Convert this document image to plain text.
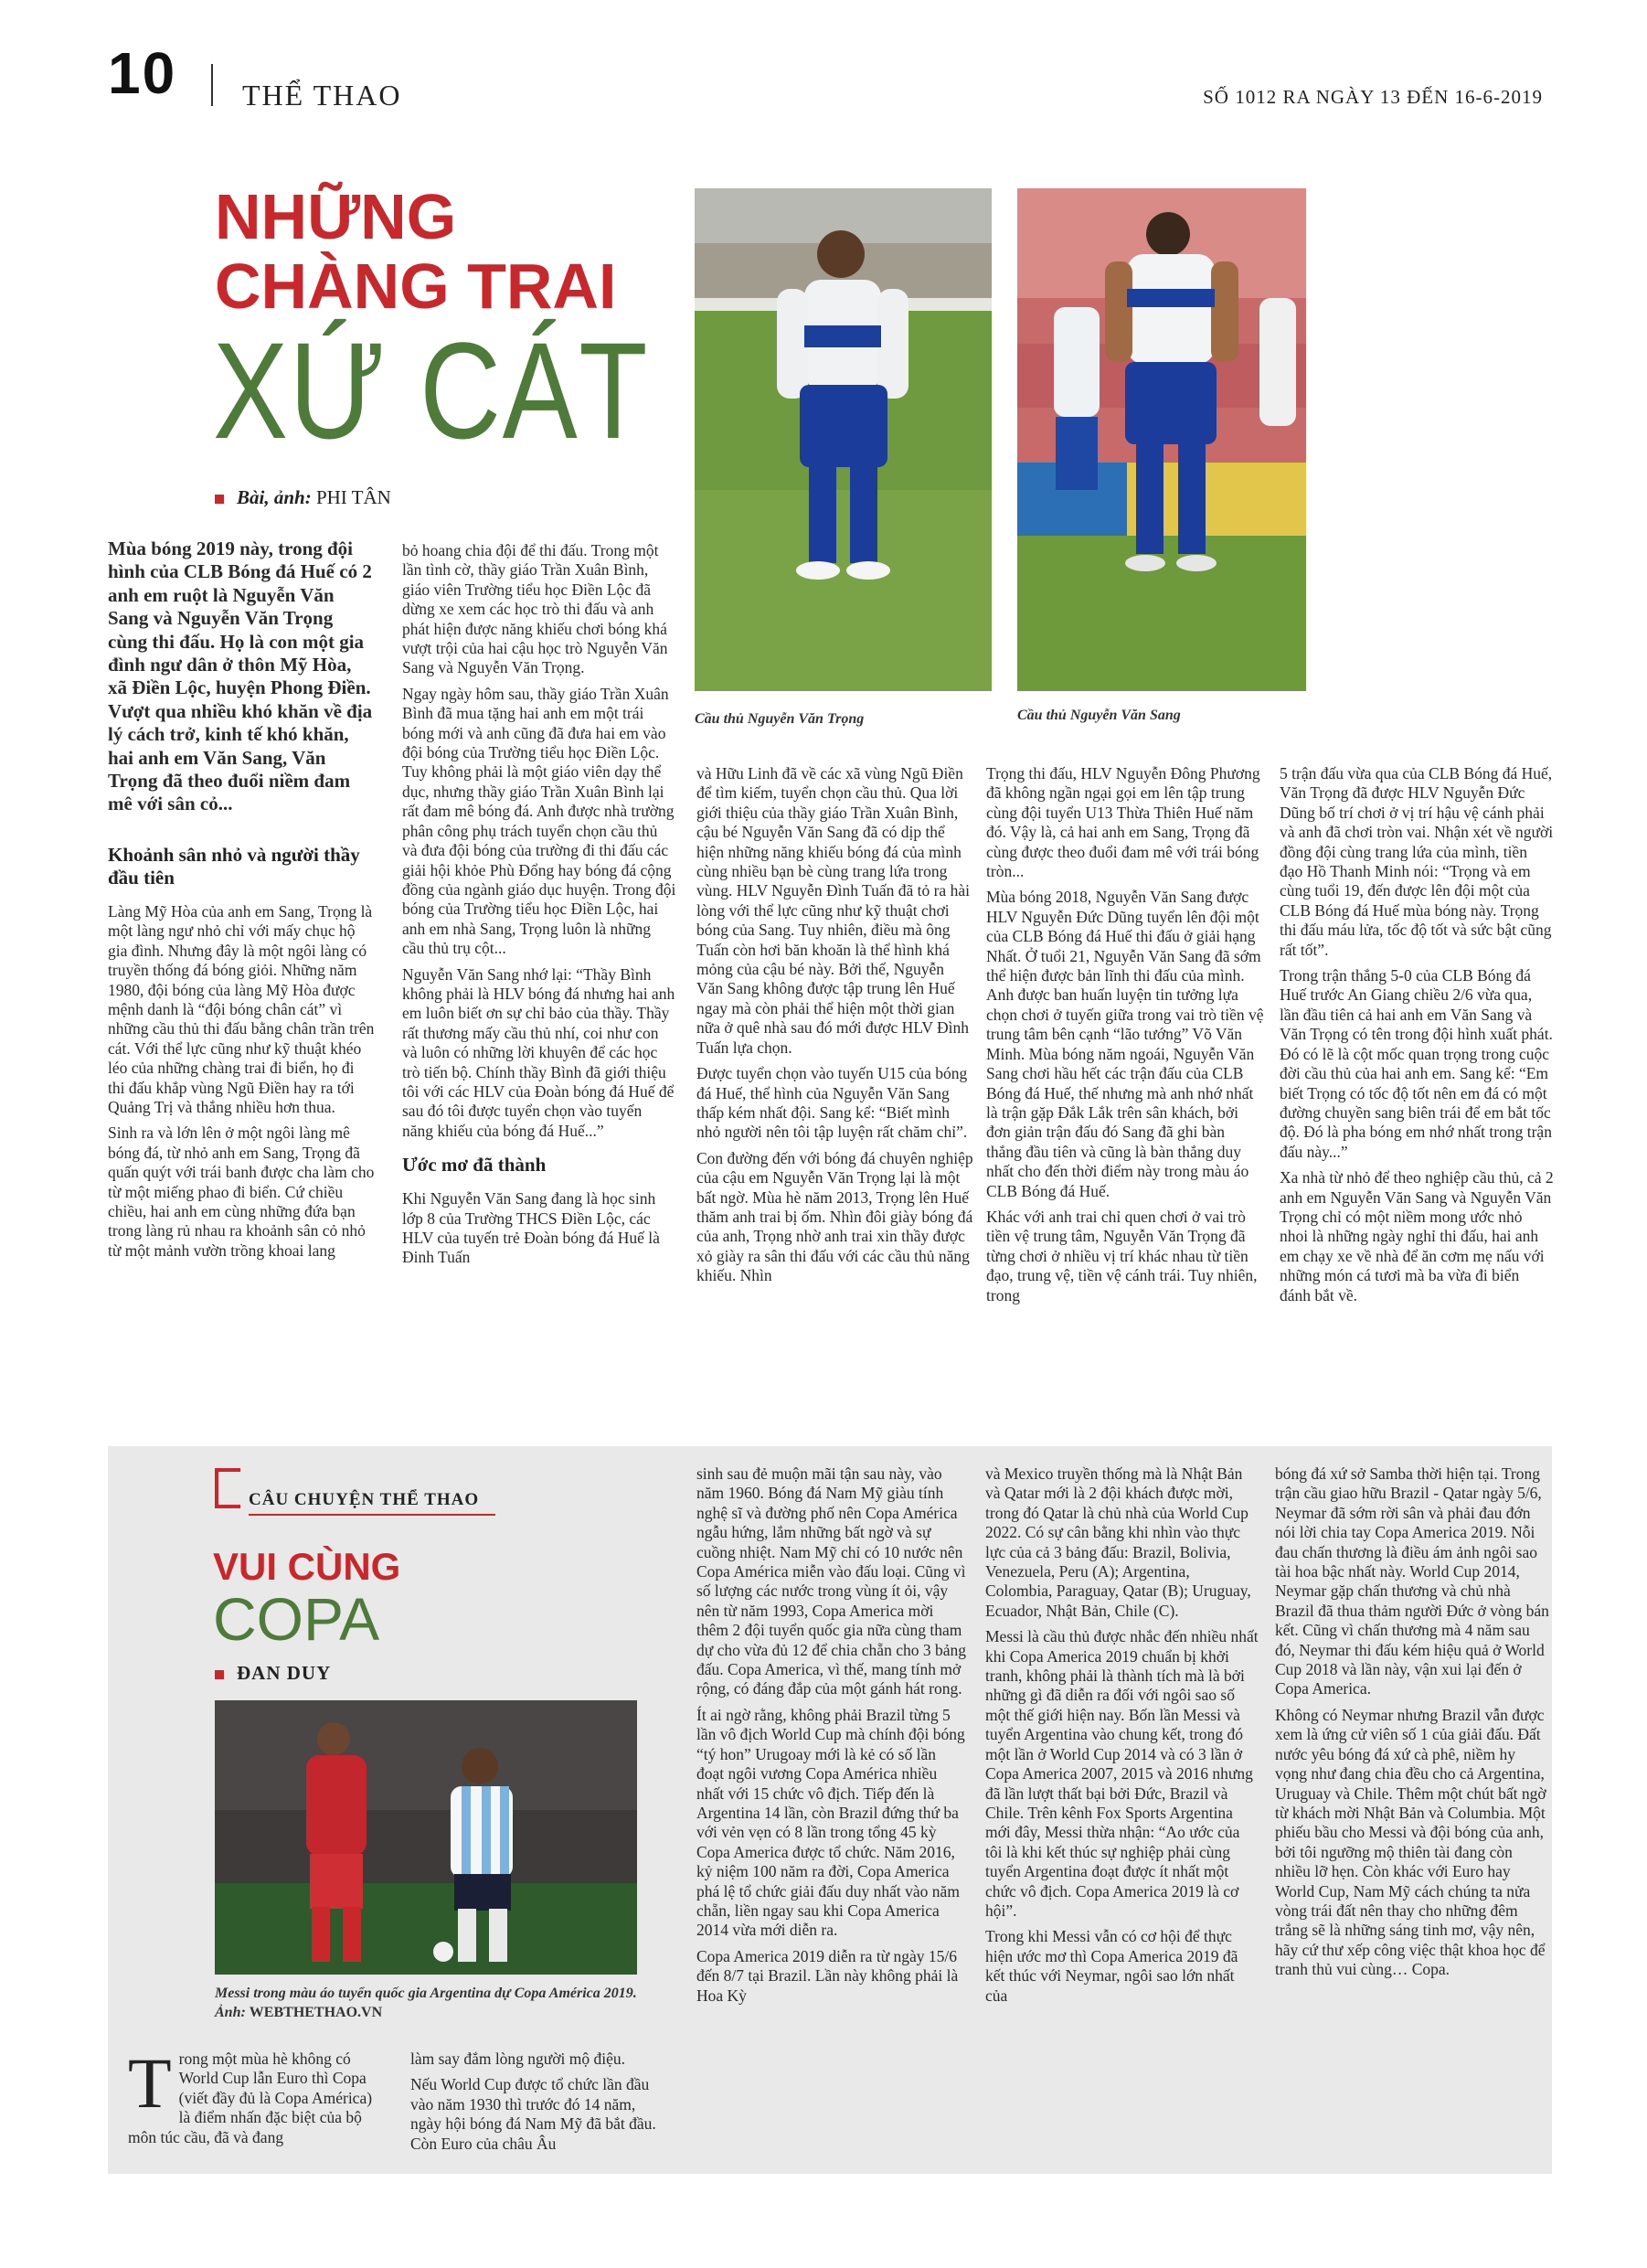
10 THỂ THAO	SỐ 1012 RA NGÀY 13 ĐẾN 16-6-2019
NHỮNG
CHÀNG TRAI
XỨ CÁT
Bài, ảnh: PHI TÂN
Cầu thủ Nguyễn Văn Trọng	Cầu thủ Nguyễn Văn Sang

Mùa bóng 2019 này, trong đội hình của CLB Bóng đá Huế có 2 anh em ruột là Nguyễn Văn Sang và Nguyễn Văn Trọng cùng thi đấu. Họ là con một gia đình ngư dân ở thôn Mỹ Hòa, xã Điền Lộc, huyện Phong Điền. Vượt qua nhiều khó khăn về địa lý cách trở, kinh tế khó khăn, hai anh em Văn Sang, Văn Trọng đã theo đuổi niềm đam mê với sân cỏ...

Khoảnh sân nhỏ và người thầy đầu tiên

Làng Mỹ Hòa của anh em Sang, Trọng là một làng ngư nhỏ chỉ với mấy chục hộ gia đình. Nhưng đây là một ngôi làng có truyền thống đá bóng giỏi. Những năm 1980, đội bóng của làng Mỹ Hòa được mệnh danh là “đội bóng chân cát” vì những cầu thủ thi đấu bằng chân trần trên cát. Với thể lực cũng như kỹ thuật khéo léo của những chàng trai đi biển, họ đi thi đấu khắp vùng Ngũ Điền hay ra tới Quảng Trị và thắng nhiều hơn thua.

Sinh ra và lớn lên ở một ngôi làng mê bóng đá, từ nhỏ anh em Sang, Trọng đã quấn quýt với trái banh được cha làm cho từ một miếng phao đi biển. Cứ chiều chiều, hai anh em cùng những đứa bạn trong làng rủ nhau ra khoảnh sân cỏ nhỏ từ một mảnh vườn trồng khoai lang

bỏ hoang chia đội để thi đấu. Trong một lần tình cờ, thầy giáo Trần Xuân Bình, giáo viên Trường tiểu học Điền Lộc đã dừng xe xem các học trò thi đấu và anh phát hiện được năng khiếu chơi bóng khá vượt trội của hai cậu học trò Nguyễn Văn Sang và Nguyễn Văn Trọng.

Ngay ngày hôm sau, thầy giáo Trần Xuân Bình đã mua tặng hai anh em một trái bóng mới và anh cũng đã đưa hai em vào đội bóng của Trường tiểu học Điền Lộc. Tuy không phải là một giáo viên dạy thể dục, nhưng thầy giáo Trần Xuân Bình lại rất đam mê bóng đá. Anh được nhà trường phân công phụ trách tuyển chọn cầu thủ và đưa đội bóng của trường đi thi đấu các giải hội khỏe Phù Đổng hay bóng đá cộng đồng của ngành giáo dục huyện. Trong đội bóng của Trường tiểu học Điền Lộc, hai anh em nhà Sang, Trọng luôn là những cầu thủ trụ cột...

Nguyễn Văn Sang nhớ lại: “Thầy Bình không phải là HLV bóng đá nhưng hai anh em luôn biết ơn sự chỉ bảo của thầy. Thầy rất thương mấy cầu thủ nhí, coi như con và luôn có những lời khuyên để các học trò tiến bộ. Chính thầy Bình đã giới thiệu tôi với các HLV của Đoàn bóng đá Huế để sau đó tôi được tuyển chọn vào tuyến năng khiếu của bóng đá Huế...”

Ước mơ đã thành

Khi Nguyễn Văn Sang đang là học sinh lớp 8 của Trường THCS Điền Lộc, các HLV của tuyến trẻ Đoàn bóng đá Huế là Đinh Tuấn

và Hữu Linh đã về các xã vùng Ngũ Điền để tìm kiếm, tuyển chọn cầu thủ. Qua lời giới thiệu của thầy giáo Trần Xuân Bình, cậu bé Nguyễn Văn Sang đã có dịp thể hiện những năng khiếu bóng đá của mình cùng nhiều bạn bè cùng trang lứa trong vùng. HLV Nguyễn Đình Tuấn đã tỏ ra hài lòng với thể lực cũng như kỹ thuật chơi bóng của Sang. Tuy nhiên, điều mà ông Tuấn còn hơi băn khoăn là thể hình khá mỏng của cậu bé này. Bởi thế, Nguyễn Văn Sang không được tập trung lên Huế ngay mà còn phải thể hiện một thời gian nữa ở quê nhà sau đó mới được HLV Đình Tuấn lựa chọn.

Được tuyển chọn vào tuyến U15 của bóng đá Huế, thể hình của Nguyễn Văn Sang thấp kém nhất đội. Sang kể: “Biết mình nhỏ người nên tôi tập luyện rất chăm chỉ”.

Con đường đến với bóng đá chuyên nghiệp của cậu em Nguyễn Văn Trọng lại là một bất ngờ. Mùa hè năm 2013, Trọng lên Huế thăm anh trai bị ốm. Nhìn đôi giày bóng đá của anh, Trọng nhờ anh trai xin thầy được xỏ giày ra sân thi đấu với các cầu thủ năng khiếu. Nhìn

Trọng thi đấu, HLV Nguyễn Đông Phương đã không ngần ngại gọi em lên tập trung cùng đội tuyển U13 Thừa Thiên Huế năm đó. Vậy là, cả hai anh em Sang, Trọng đã cùng được theo đuổi đam mê với trái bóng tròn...

Mùa bóng 2018, Nguyễn Văn Sang được HLV Nguyễn Đức Dũng tuyển lên đội một của CLB Bóng đá Huế thi đấu ở giải hạng Nhất. Ở tuổi 21, Nguyễn Văn Sang đã sớm thể hiện được bản lĩnh thi đấu của mình. Anh được ban huấn luyện tin tưởng lựa chọn chơi ở tuyến giữa trong vai trò tiền vệ trung tâm bên cạnh “lão tướng” Võ Văn Minh. Mùa bóng năm ngoái, Nguyễn Văn Sang chơi hầu hết các trận đấu của CLB Bóng đá Huế, thế nhưng mà anh nhớ nhất là trận gặp Đắk Lắk trên sân khách, bởi đơn giản trận đấu đó Sang đã ghi bàn thắng đầu tiên và cũng là bàn thắng duy nhất cho đến thời điểm này trong màu áo CLB Bóng đá Huế.

Khác với anh trai chỉ quen chơi ở vai trò tiền vệ trung tâm, Nguyễn Văn Trọng đã từng chơi ở nhiều vị trí khác nhau từ tiền đạo, trung vệ, tiền vệ cánh trái. Tuy nhiên, trong

5 trận đấu vừa qua của CLB Bóng đá Huế, Văn Trọng đã được HLV Nguyễn Đức Dũng bố trí chơi ở vị trí hậu vệ cánh phải và anh đã chơi tròn vai. Nhận xét về người đồng đội cùng trang lứa của mình, tiền đạo Hồ Thanh Minh nói: “Trọng và em cùng tuổi 19, đến được lên đội một của CLB Bóng đá Huế mùa bóng này. Trọng thi đấu máu lửa, tốc độ tốt và sức bật cũng rất tốt”.

Trong trận thắng 5-0 của CLB Bóng đá Huế trước An Giang chiều 2/6 vừa qua, lần đầu tiên cả hai anh em Văn Sang và Văn Trọng có tên trong đội hình xuất phát. Đó có lẽ là cột mốc quan trọng trong cuộc đời cầu thủ của hai anh em. Sang kể: “Em biết Trọng có tốc độ tốt nên em đá có một đường chuyền sang biên trái để em bắt tốc độ. Đó là pha bóng em nhớ nhất trong trận đấu này...”

Xa nhà từ nhỏ để theo nghiệp cầu thủ, cả 2 anh em Nguyễn Văn Sang và Nguyễn Văn Trọng chỉ có một niềm mong ước nhỏ nhoi là những ngày nghỉ thi đấu, hai anh em chạy xe về nhà để ăn cơm mẹ nấu với những món cá tươi mà ba vừa đi biển đánh bắt về.

CÂU CHUYỆN THỂ THAO
VUI CÙNG
COPA
ĐAN DUY
Messi trong màu áo tuyển quốc gia Argentina dự Copa América 2019. Ảnh: WEBTHETHAO.VN

Trong một mùa hè không có World Cup lẫn Euro thì Copa (viết đầy đủ là Copa América) là điểm nhấn đặc biệt của bộ môn túc cầu, đã và đang

làm say đắm lòng người mộ điệu.

Nếu World Cup được tổ chức lần đầu vào năm 1930 thì trước đó 14 năm, ngày hội bóng đá Nam Mỹ đã bắt đầu. Còn Euro của châu Âu

sinh sau đẻ muộn mãi tận sau này, vào năm 1960. Bóng đá Nam Mỹ giàu tính nghệ sĩ và đường phố nên Copa América ngẫu hứng, lắm những bất ngờ và sự cuồng nhiệt. Nam Mỹ chỉ có 10 nước nên Copa América miễn vào đấu loại. Cũng vì số lượng các nước trong vùng ít ỏi, vậy nên từ năm 1993, Copa America mời thêm 2 đội tuyển quốc gia nữa cùng tham dự cho vừa đủ 12 để chia chẵn cho 3 bảng đấu. Copa America, vì thế, mang tính mở rộng, có đáng đắp của một gánh hát rong.

Ít ai ngờ rằng, không phải Brazil từng 5 lần vô địch World Cup mà chính đội bóng “tý hon” Urugoay mới là kẻ có số lần đoạt ngôi vương Copa América nhiều nhất với 15 chức vô địch. Tiếp đến là Argentina 14 lần, còn Brazil đứng thứ ba với vẻn vẹn có 8 lần trong tổng 45 kỳ Copa America được tổ chức. Năm 2016, kỷ niệm 100 năm ra đời, Copa America phá lệ tổ chức giải đấu duy nhất vào năm chẵn, liền ngay sau khi Copa America 2014 vừa mới diễn ra.

Copa America 2019 diễn ra từ ngày 15/6 đến 8/7 tại Brazil. Lần này không phải là Hoa Kỳ

và Mexico truyền thống mà là Nhật Bản và Qatar mới là 2 đội khách được mời, trong đó Qatar là chủ nhà của World Cup 2022. Có sự cân bằng khi nhìn vào thực lực của cả 3 bảng đấu: Brazil, Bolivia, Venezuela, Peru (A); Argentina, Colombia, Paraguay, Qatar (B); Uruguay, Ecuador, Nhật Bản, Chile (C).

Messi là cầu thủ được nhắc đến nhiều nhất khi Copa America 2019 chuẩn bị khởi tranh, không phải là thành tích mà là bởi những gì đã diễn ra đối với ngôi sao số một thế giới hiện nay. Bốn lần Messi và tuyển Argentina vào chung kết, trong đó một lần ở World Cup 2014 và có 3 lần ở Copa America 2007, 2015 và 2016 nhưng đã lần lượt thất bại bởi Đức, Brazil và Chile. Trên kênh Fox Sports Argentina mới đây, Messi thừa nhận: “Ao ước của tôi là khi kết thúc sự nghiệp phải cùng tuyển Argentina đoạt được ít nhất một chức vô địch. Copa America 2019 là cơ hội”.

Trong khi Messi vẫn có cơ hội để thực hiện ước mơ thì Copa America 2019 đã kết thúc với Neymar, ngôi sao lớn nhất của

bóng đá xứ sở Samba thời hiện tại. Trong trận cầu giao hữu Brazil - Qatar ngày 5/6, Neymar đã sớm rời sân và phải đau đớn nói lời chia tay Copa America 2019. Nỗi đau chấn thương là điều ám ảnh ngôi sao tài hoa bậc nhất này. World Cup 2014, Neymar gặp chấn thương và chủ nhà Brazil đã thua thảm người Đức ở vòng bán kết. Cũng vì chấn thương mà 4 năm sau đó, Neymar thi đấu kém hiệu quả ở World Cup 2018 và lần này, vận xui lại đến ở Copa America.

Không có Neymar nhưng Brazil vẫn được xem là ứng cử viên số 1 của giải đấu. Đất nước yêu bóng đá xứ cà phê, niềm hy vọng như đang chia đều cho cả Argentina, Uruguay và Chile. Thêm một chút bất ngờ từ khách mời Nhật Bản và Columbia. Một phiếu bầu cho Messi và đội bóng của anh, bởi tôi ngưỡng mộ thiên tài đang còn nhiều lỡ hẹn. Còn khác với Euro hay World Cup, Nam Mỹ cách chúng ta nửa vòng trái đất nên thay cho những đêm trắng sẽ là những sáng tinh mơ, vậy nên, hãy cứ thư xếp công việc thật khoa học để tranh thủ vui cùng… Copa.
